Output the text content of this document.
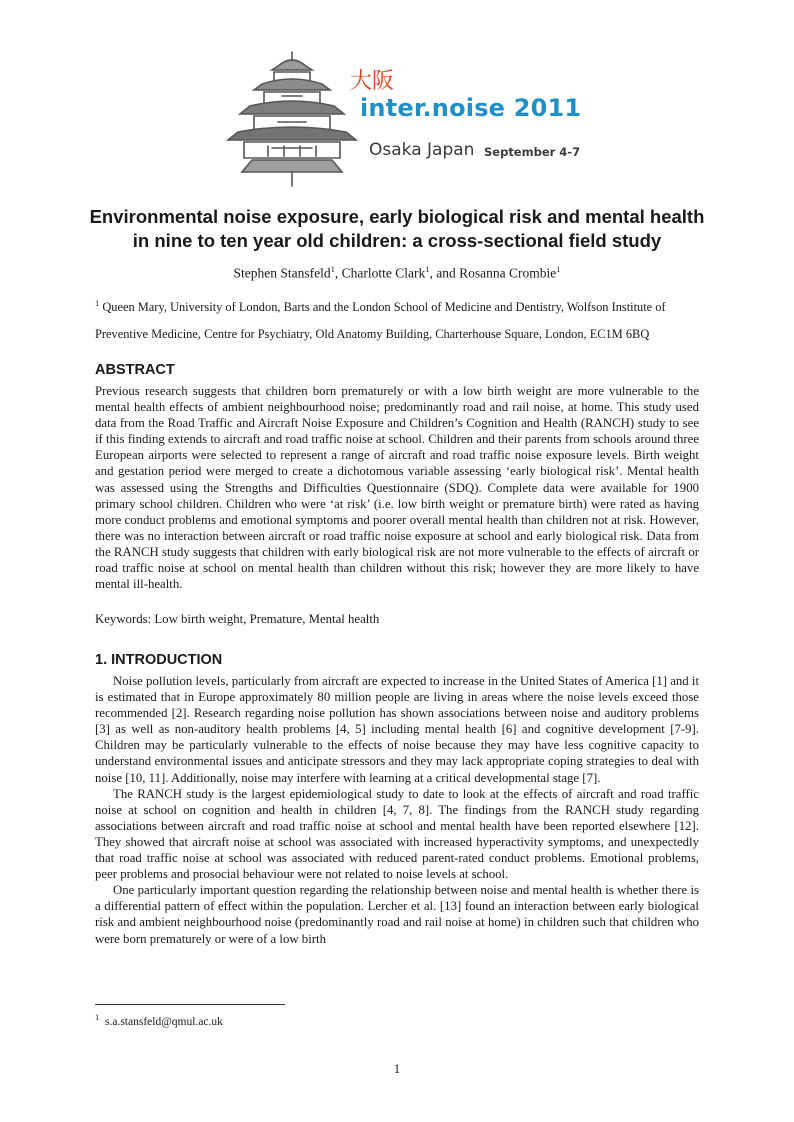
大阪
inter.noise 2011
Osaka Japan September 4-7
Environmental noise exposure, early biological risk and mental health in nine to ten year old children: a cross-sectional field study
Stephen Stansfeld$^1$, Charlotte Clark$^1$, and Rosanna Crombie$^1$
$^1$ Queen Mary, University of London, Barts and the London School of Medicine and Dentistry, Wolfson Institute of Preventive Medicine, Centre for Psychiatry, Old Anatomy Building, Charterhouse Square, London, EC1M 6BQ
ABSTRACT

Previous research suggests that children born prematurely or with a low birth weight are more vulnerable to the mental health effects of ambient neighbourhood noise; predominantly road and rail noise, at home. This study used data from the Road Traffic and Aircraft Noise Exposure and Children’s Cognition and Health (RANCH) study to see if this finding extends to aircraft and road traffic noise at school. Children and their parents from schools around three European airports were selected to represent a range of aircraft and road traffic noise exposure levels. Birth weight and gestation period were merged to create a dichotomous variable assessing ‘early biological risk’. Mental health was assessed using the Strengths and Difficulties Questionnaire (SDQ). Complete data were available for 1900 primary school children. Children who were ‘at risk’ (i.e. low birth weight or premature birth) were rated as having more conduct problems and emotional symptoms and poorer overall mental health than children not at risk. However, there was no interaction between aircraft or road traffic noise exposure at school and early biological risk. Data from the RANCH study suggests that children with early biological risk are not more vulnerable to the effects of aircraft or road traffic noise at school on mental health than children without this risk; however they are more likely to have mental ill-health.

Keywords: Low birth weight, Premature, Mental health
1. INTRODUCTION

Noise pollution levels, particularly from aircraft are expected to increase in the United States of America [1] and it is estimated that in Europe approximately 80 million people are living in areas where the noise levels exceed those recommended [2]. Research regarding noise pollution has shown associations between noise and auditory problems [3] as well as non-auditory health problems [4, 5] including mental health [6] and cognitive development [7-9]. Children may be particularly vulnerable to the effects of noise because they may have less cognitive capacity to understand environmental issues and anticipate stressors and they may lack appropriate coping strategies to deal with noise [10, 11]. Additionally, noise may interfere with learning at a critical developmental stage [7].

The RANCH study is the largest epidemiological study to date to look at the effects of aircraft and road traffic noise at school on cognition and health in children [4, 7, 8]. The findings from the RANCH study regarding associations between aircraft and road traffic noise at school and mental health have been reported elsewhere [12]. They showed that aircraft noise at school was associated with increased hyperactivity symptoms, and unexpectedly that road traffic noise at school was associated with reduced parent-rated conduct problems. Emotional problems, peer problems and prosocial behaviour were not related to noise levels at school.

One particularly important question regarding the relationship between noise and mental health is whether there is a differential pattern of effect within the population. Lercher et al. [13] found an interaction between early biological risk and ambient neighbourhood noise (predominantly road and rail noise at home) in children such that children who were born prematurely or were of a low birth

$^1$ s.a.stansfeld@qmul.ac.uk
1
